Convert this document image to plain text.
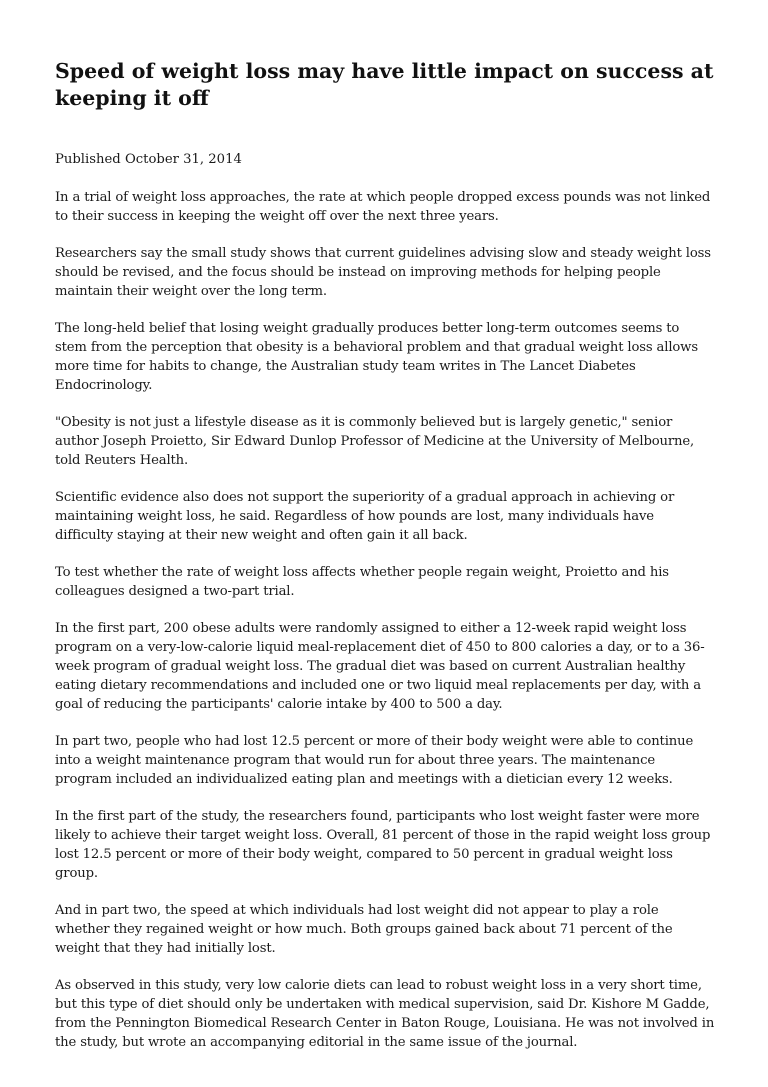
Speed of weight loss may have little impact on success at keeping it off

Published October 31, 2014

In a trial of weight loss approaches, the rate at which people dropped excess pounds was not linked to their success in keeping the weight off over the next three years.

Researchers say the small study shows that current guidelines advising slow and steady weight loss should be revised, and the focus should be instead on improving methods for helping people maintain their weight over the long term.

The long-held belief that losing weight gradually produces better long-term outcomes seems to stem from the perception that obesity is a behavioral problem and that gradual weight loss allows more time for habits to change, the Australian study team writes in The Lancet Diabetes Endocrinology.

"Obesity is not just a lifestyle disease as it is commonly believed but is largely genetic," senior author Joseph Proietto, Sir Edward Dunlop Professor of Medicine at the University of Melbourne, told Reuters Health.

Scientific evidence also does not support the superiority of a gradual approach in achieving or maintaining weight loss, he said. Regardless of how pounds are lost, many individuals have difficulty staying at their new weight and often gain it all back.

To test whether the rate of weight loss affects whether people regain weight, Proietto and his colleagues designed a two-part trial.

In the first part, 200 obese adults were randomly assigned to either a 12-week rapid weight loss program on a very-low-calorie liquid meal-replacement diet of 450 to 800 calories a day, or to a 36-week program of gradual weight loss. The gradual diet was based on current Australian healthy eating dietary recommendations and included one or two liquid meal replacements per day, with a goal of reducing the participants' calorie intake by 400 to 500 a day.

In part two, people who had lost 12.5 percent or more of their body weight were able to continue into a weight maintenance program that would run for about three years. The maintenance program included an individualized eating plan and meetings with a dietician every 12 weeks.

In the first part of the study, the researchers found, participants who lost weight faster were more likely to achieve their target weight loss. Overall, 81 percent of those in the rapid weight loss group lost 12.5 percent or more of their body weight, compared to 50 percent in gradual weight loss group.

And in part two, the speed at which individuals had lost weight did not appear to play a role whether they regained weight or how much. Both groups gained back about 71 percent of the weight that they had initially lost.

As observed in this study, very low calorie diets can lead to robust weight loss in a very short time, but this type of diet should only be undertaken with medical supervision, said Dr. Kishore M Gadde, from the Pennington Biomedical Research Center in Baton Rouge, Louisiana. He was not involved in the study, but wrote an accompanying editorial in the same issue of the journal.
